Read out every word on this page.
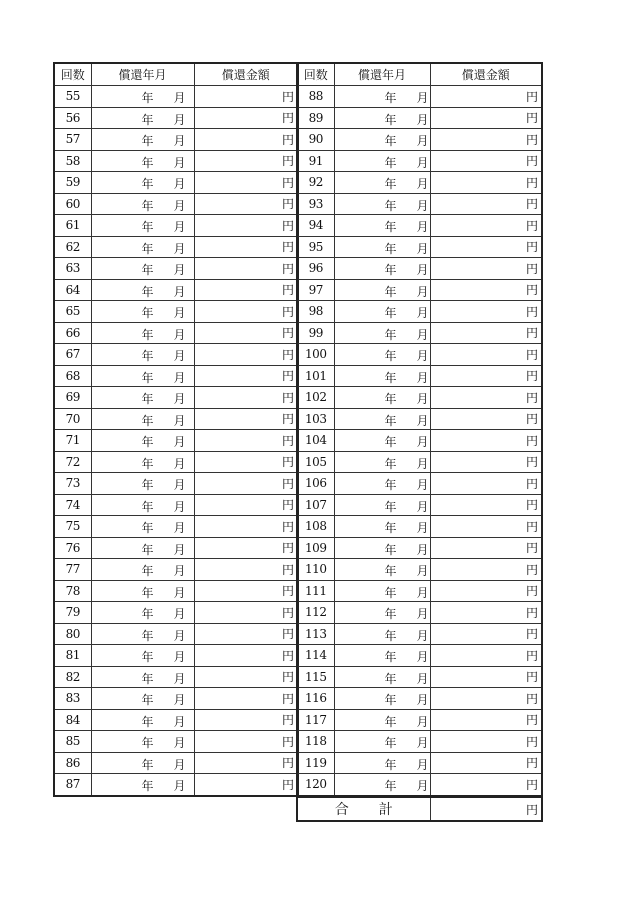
回数	償還年月	償還金額
55	年 月	円
56	年 月	円
57	年 月	円
58	年 月	円
59	年 月	円
60	年 月	円
61	年 月	円
62	年 月	円
63	年 月	円
64	年 月	円
65	年 月	円
66	年 月	円
67	年 月	円
68	年 月	円
69	年 月	円
70	年 月	円
71	年 月	円
72	年 月	円
73	年 月	円
74	年 月	円
75	年 月	円
76	年 月	円
77	年 月	円
78	年 月	円
79	年 月	円
80	年 月	円
81	年 月	円
82	年 月	円
83	年 月	円
84	年 月	円
85	年 月	円
86	年 月	円
87	年 月	円
回数	償還年月	償還金額
88	年 月	円
89	年 月	円
90	年 月	円
91	年 月	円
92	年 月	円
93	年 月	円
94	年 月	円
95	年 月	円
96	年 月	円
97	年 月	円
98	年 月	円
99	年 月	円
100	年 月	円
101	年 月	円
102	年 月	円
103	年 月	円
104	年 月	円
105	年 月	円
106	年 月	円
107	年 月	円
108	年 月	円
109	年 月	円
110	年 月	円
111	年 月	円
112	年 月	円
113	年 月	円
114	年 月	円
115	年 月	円
116	年 月	円
117	年 月	円
118	年 月	円
119	年 月	円
120	年 月	円
合 計	円
